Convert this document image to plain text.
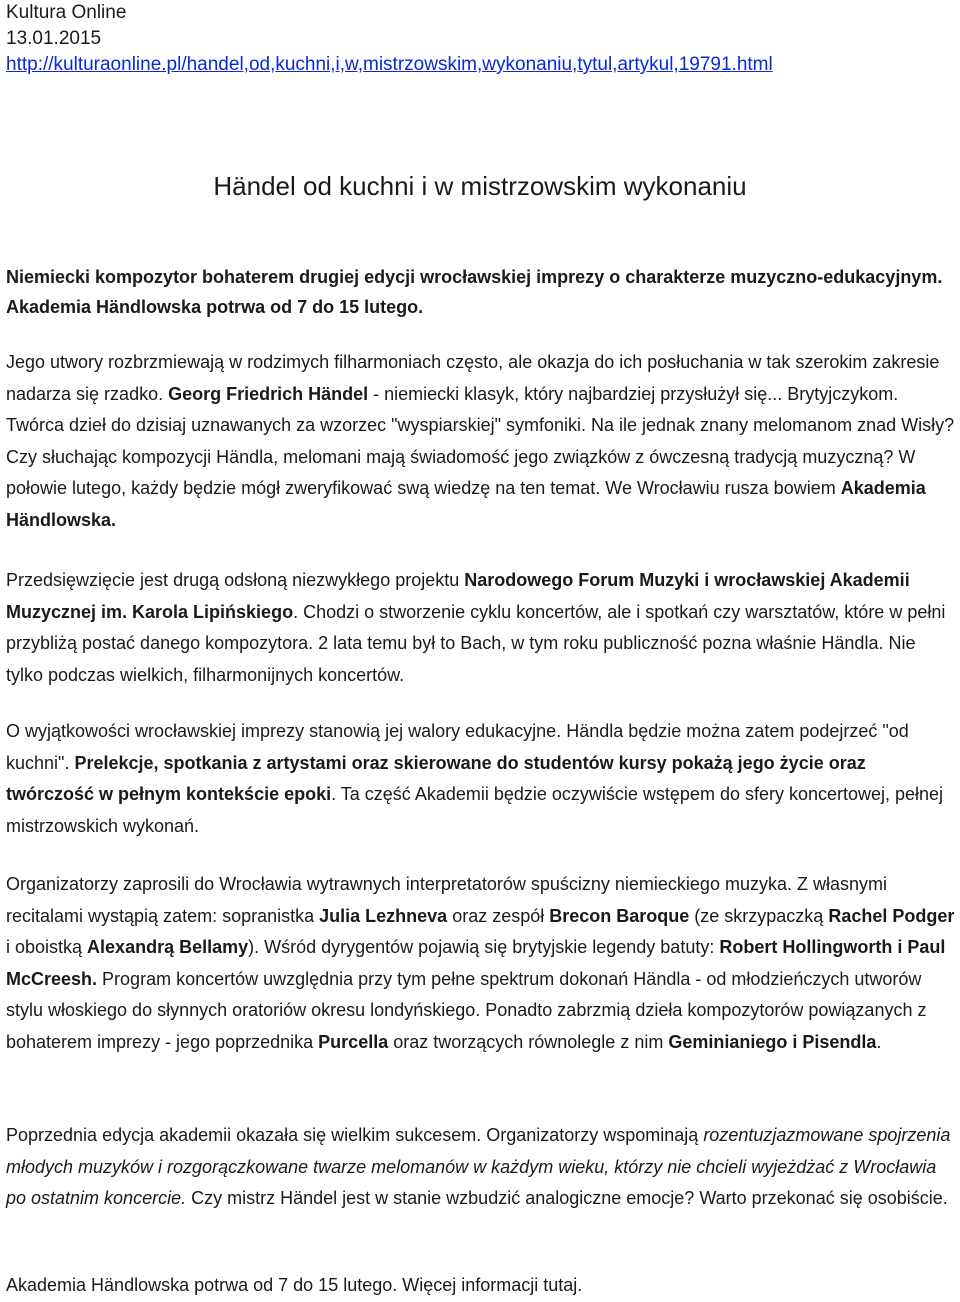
Kultura Online
13.01.2015
http://kulturaonline.pl/handel,od,kuchni,i,w,mistrzowskim,wykonaniu,tytul,artykul,19791.html
Händel od kuchni i w mistrzowskim wykonaniu

Niemiecki kompozytor bohaterem drugiej edycji wrocławskiej imprezy o charakterze muzyczno-edukacyjnym. Akademia Händlowska potrwa od 7 do 15 lutego.

Jego utwory rozbrzmiewają w rodzimych filharmoniach często, ale okazja do ich posłuchania w tak szerokim zakresie nadarza się rzadko. Georg Friedrich Händel - niemiecki klasyk, który najbardziej przysłużył się... Brytyjczykom. Twórca dzieł do dzisiaj uznawanych za wzorzec "wyspiarskiej" symfoniki. Na ile jednak znany melomanom znad Wisły? Czy słuchając kompozycji Händla, melomani mają świadomość jego związków z ówczesną tradycją muzyczną? W połowie lutego, każdy będzie mógł zweryfikować swą wiedzę na ten temat. We Wrocławiu rusza bowiem Akademia Händlowska.

Przedsięwzięcie jest drugą odsłoną niezwykłego projektu Narodowego Forum Muzyki i wrocławskiej Akademii Muzycznej im. Karola Lipińskiego. Chodzi o stworzenie cyklu koncertów, ale i spotkań czy warsztatów, które w pełni przybliżą postać danego kompozytora. 2 lata temu był to Bach, w tym roku publiczność pozna właśnie Händla. Nie tylko podczas wielkich, filharmonijnych koncertów.

O wyjątkowości wrocławskiej imprezy stanowią jej walory edukacyjne. Händla będzie można zatem podejrzeć "od kuchni". Prelekcje, spotkania z artystami oraz skierowane do studentów kursy pokażą jego życie oraz twórczość w pełnym kontekście epoki. Ta część Akademii będzie oczywiście wstępem do sfery koncertowej, pełnej mistrzowskich wykonań.

Organizatorzy zaprosili do Wrocławia wytrawnych interpretatorów spuścizny niemieckiego muzyka. Z własnymi recitalami wystąpią zatem: sopranistka Julia Lezhneva oraz zespół Brecon Baroque (ze skrzypaczką Rachel Podger i oboistką Alexandrą Bellamy). Wśród dyrygentów pojawią się brytyjskie legendy batuty: Robert Hollingworth i Paul McCreesh. Program koncertów uwzględnia przy tym pełne spektrum dokonań Händla - od młodzieńczych utworów stylu włoskiego do słynnych oratoriów okresu londyńskiego. Ponadto zabrzmią dzieła kompozytorów powiązanych z bohaterem imprezy - jego poprzednika Purcella oraz tworzących równolegle z nim Geminianiego i Pisendla.

Poprzednia edycja akademii okazała się wielkim sukcesem. Organizatorzy wspominają rozentuzjazmowane spojrzenia młodych muzyków i rozgorączkowane twarze melomanów w każdym wieku, którzy nie chcieli wyjeżdżać z Wrocławia po ostatnim koncercie. Czy mistrz Händel jest w stanie wzbudzić analogiczne emocje? Warto przekonać się osobiście.

Akademia Händlowska potrwa od 7 do 15 lutego. Więcej informacji tutaj.
